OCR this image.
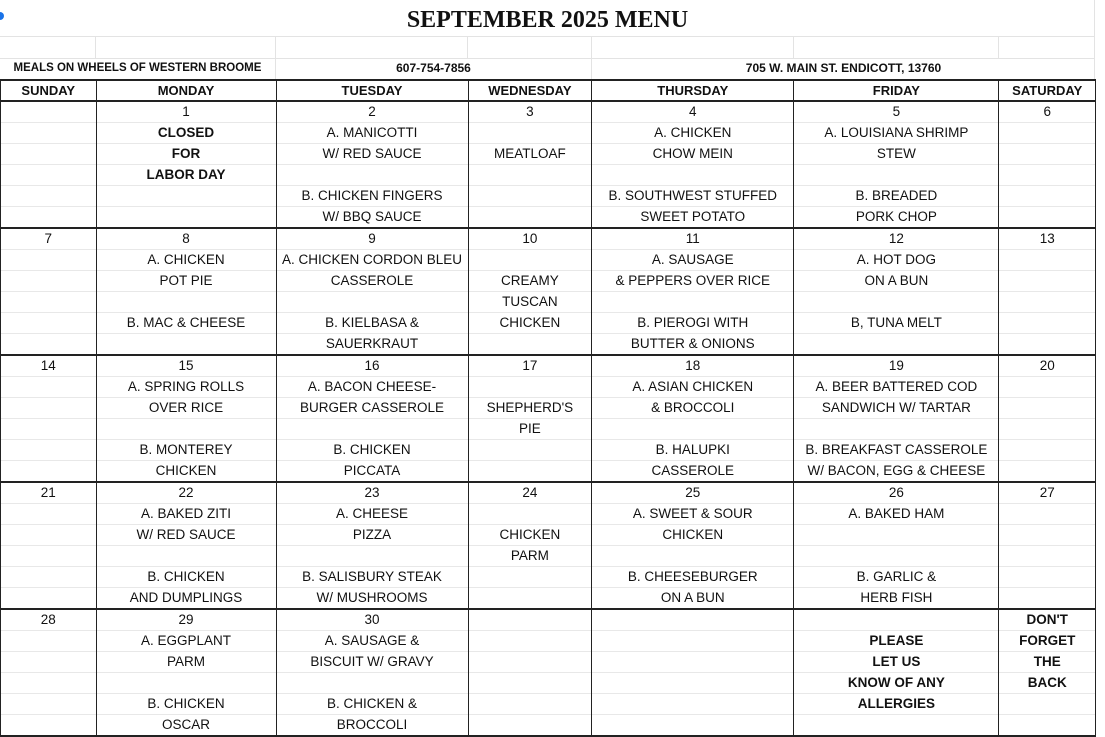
SEPTEMBER 2025 MENU
MEALS ON WHEELS OF WESTERN BROOME	607-754-7856	705 W. MAIN ST. ENDICOTT, 13760
SUNDAY	MONDAY	TUESDAY	WEDNESDAY	THURSDAY	FRIDAY	SATURDAY
	1	2	3	4	5	6
	CLOSED	A. MANICOTTI		A. CHICKEN	A. LOUISIANA SHRIMP	
	FOR	W/ RED SAUCE	MEATLOAF	CHOW MEIN	STEW	
	LABOR DAY					
		B. CHICKEN FINGERS		B. SOUTHWEST STUFFED	B. BREADED	
		W/ BBQ SAUCE		SWEET POTATO	PORK CHOP	
7	8	9	10	11	12	13
	A. CHICKEN	A. CHICKEN CORDON BLEU		A. SAUSAGE	A. HOT DOG	
	POT PIE	CASSEROLE	CREAMY	& PEPPERS OVER RICE	ON A BUN	
			TUSCAN			
	B. MAC & CHEESE	B. KIELBASA &	CHICKEN	B. PIEROGI WITH	B, TUNA MELT	
		SAUERKRAUT		BUTTER & ONIONS		
14	15	16	17	18	19	20
	A. SPRING ROLLS	A. BACON CHEESE-		A. ASIAN CHICKEN	A. BEER BATTERED COD	
	OVER RICE	BURGER CASSEROLE	SHEPHERD'S	& BROCCOLI	SANDWICH W/ TARTAR	
			PIE			
	B. MONTEREY	B. CHICKEN		B. HALUPKI	B. BREAKFAST CASSEROLE	
	CHICKEN	PICCATA		CASSEROLE	W/ BACON, EGG & CHEESE	
21	22	23	24	25	26	27
	A. BAKED ZITI	A. CHEESE		A. SWEET & SOUR	A. BAKED HAM	
	W/ RED SAUCE	PIZZA	CHICKEN	CHICKEN		
			PARM			
	B. CHICKEN	B. SALISBURY STEAK		B. CHEESEBURGER	B. GARLIC &	
	AND DUMPLINGS	W/ MUSHROOMS		ON A BUN	HERB FISH	
28	29	30				DON'T
	A. EGGPLANT	A. SAUSAGE &			PLEASE	FORGET
	PARM	BISCUIT W/ GRAVY			LET US	THE
					KNOW OF ANY	BACK
	B. CHICKEN	B. CHICKEN &			ALLERGIES	
	OSCAR	BROCCOLI				
